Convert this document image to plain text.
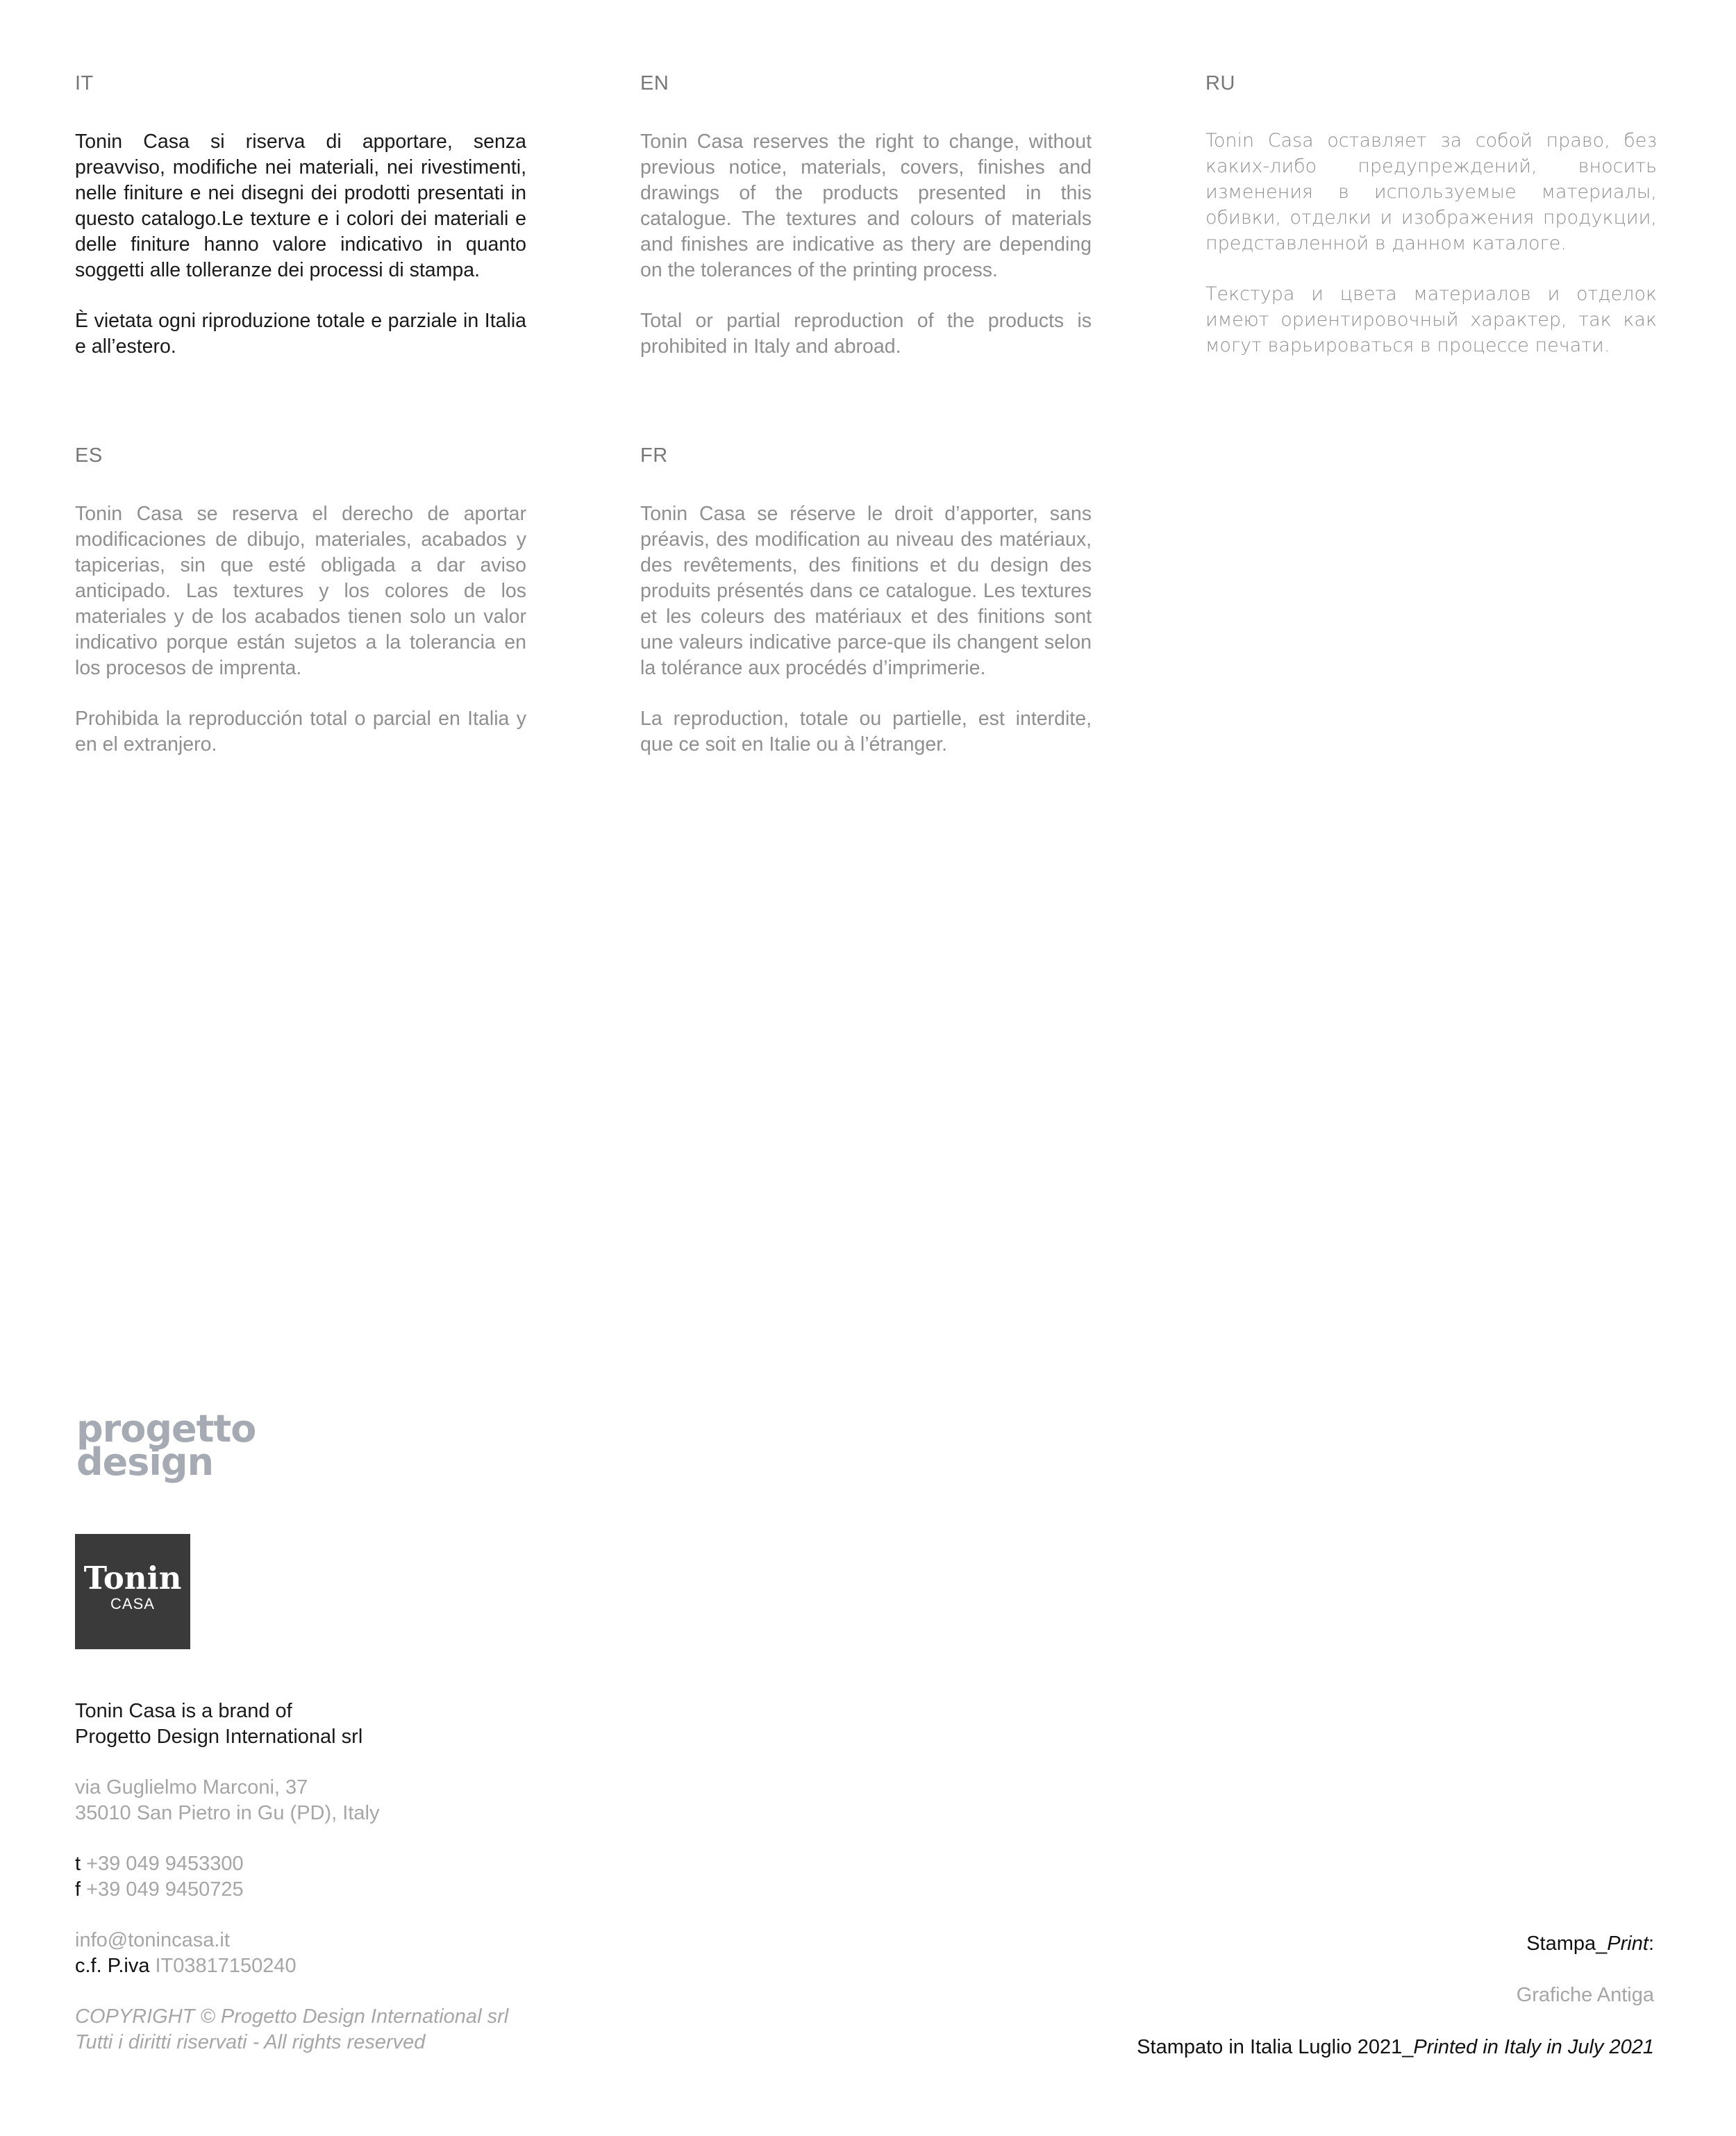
IT

Tonin Casa si riserva di apportare, senza preavviso, modifiche nei materiali, nei rivestimenti, nelle finiture e nei disegni dei prodotti presentati in questo catalogo.Le texture e i colori dei materiali e delle finiture hanno valore indicativo in quanto soggetti alle tolleranze dei processi di stampa.

È vietata ogni riproduzione totale e parziale in Italia e all’estero.

EN

Tonin Casa reserves the right to change, without previous notice, materials, covers, finishes and drawings of the products presented in this catalogue. The textures and colours of materials and finishes are indicative as thery are depending on the tolerances of the printing process.

Total or partial reproduction of the products is prohibited in Italy and abroad.

RU

Tonin Casa оставляет за собой право, без каких-либо предупреждений, вносить изменения в используемые материалы, обивки, отделки и изображения продукции, представленной в данном каталоге.

Текстура и цвета материалов и отделок имеют ориентировочный характер, так как могут варьироваться в процессе печати.

ES

Tonin Casa se reserva el derecho de aportar modificaciones de dibujo, materiales, acabados y tapicerias, sin que esté obligada a dar aviso anticipado. Las textures y los colores de los materiales y de los acabados tienen solo un valor indicativo porque están sujetos a la tolerancia en los procesos de imprenta.

Prohibida la reproducción total o parcial en Italia y en el extranjero.

FR

Tonin Casa se réserve le droit d’apporter, sans préavis, des modification au niveau des matériaux, des revêtements, des finitions et du design des produits présentés dans ce catalogue. Les textures et les coleurs des matériaux et des finitions sont une valeurs indicative parce-que ils changent selon la tolérance aux procédés d’imprimerie.

La reproduction, totale ou partielle, est interdite, que ce soit en Italie ou à l’étranger.

progetto
design
Tonin
CASA
Tonin Casa is a brand of
Progetto Design International srl
via Guglielmo Marconi, 37
35010 San Pietro in Gu (PD), Italy
t +39 049 9453300
f +39 049 9450725
info@tonincasa.it
c.f. P.iva IT03817150240
COPYRIGHT © Progetto Design International srl
Tutti i diritti riservati - All rights reserved
Stampa_Print:
Grafiche Antiga
Stampato in Italia Luglio 2021_Printed in Italy in July 2021
